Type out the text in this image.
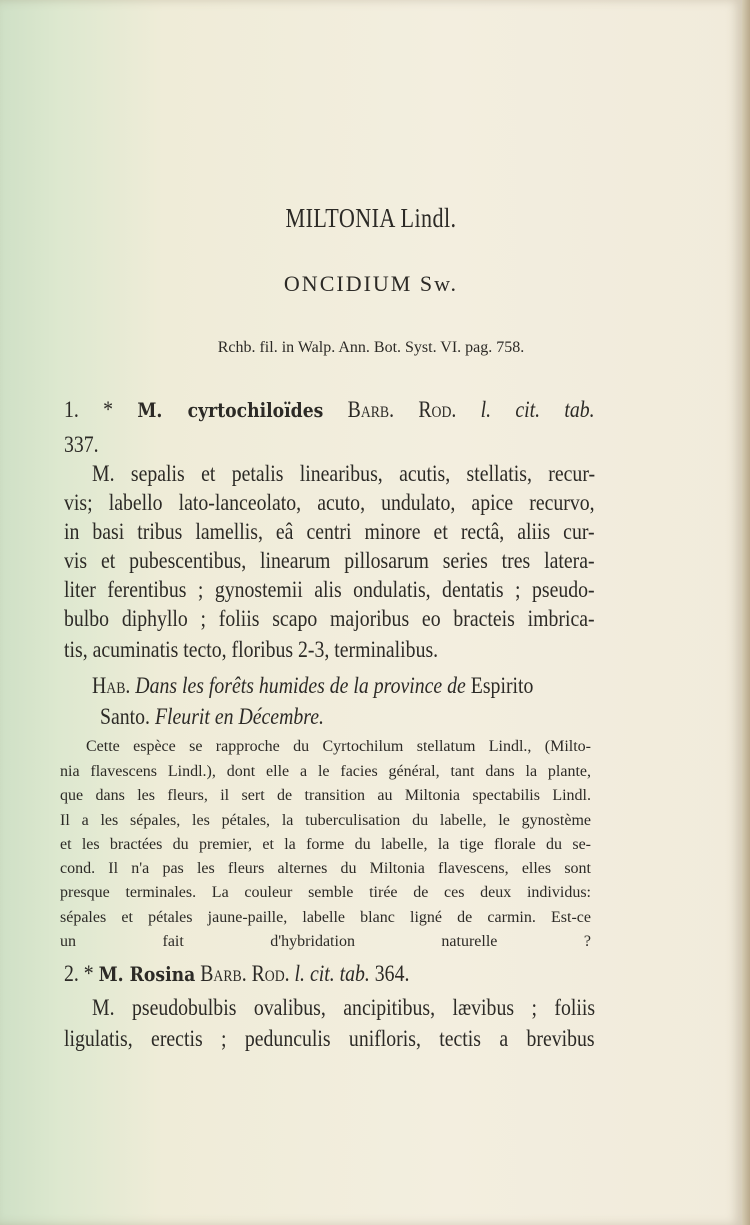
MILTONIA Lindl.
ONCIDIUM Sw.
Rchb. fil. in Walp. Ann. Bot. Syst. VI. pag. 758.
1. * M. cyrtochiloïdes Barb. Rod. l. cit. tab.
337.
M. sepalis et petalis linearibus, acutis, stellatis, recur-
vis; labello lato-lanceolato, acuto, undulato, apice recurvo,
in basi tribus lamellis, eâ centri minore et rectâ, aliis cur-
vis et pubescentibus, linearum pillosarum series tres latera-
liter ferentibus ; gynostemii alis ondulatis, dentatis ; pseudo-
bulbo diphyllo ; foliis scapo majoribus eo bracteis imbrica-
tis, acuminatis tecto, floribus 2-3, terminalibus.
Hab. Dans les forêts humides de la province de Espirito
Santo. Fleurit en Décembre.
Cette espèce se rapproche du Cyrtochilum stellatum Lindl., (Milto-
nia flavescens Lindl.), dont elle a le facies général, tant dans la plante,
que dans les fleurs, il sert de transition au Miltonia spectabilis Lindl.
Il a les sépales, les pétales, la tuberculisation du labelle, le gynostème
et les bractées du premier, et la forme du labelle, la tige florale du se-
cond. Il n'a pas les fleurs alternes du Miltonia flavescens, elles sont
presque terminales. La couleur semble tirée de ces deux individus:
sépales et pétales jaune-paille, labelle blanc ligné de carmin. Est-ce
un fait d'hybridation naturelle ?
2. * M. Rosina Barb. Rod. l. cit. tab. 364.
M. pseudobulbis ovalibus, ancipitibus, lævibus ; foliis
ligulatis, erectis ; pedunculis unifloris, tectis a brevibus
